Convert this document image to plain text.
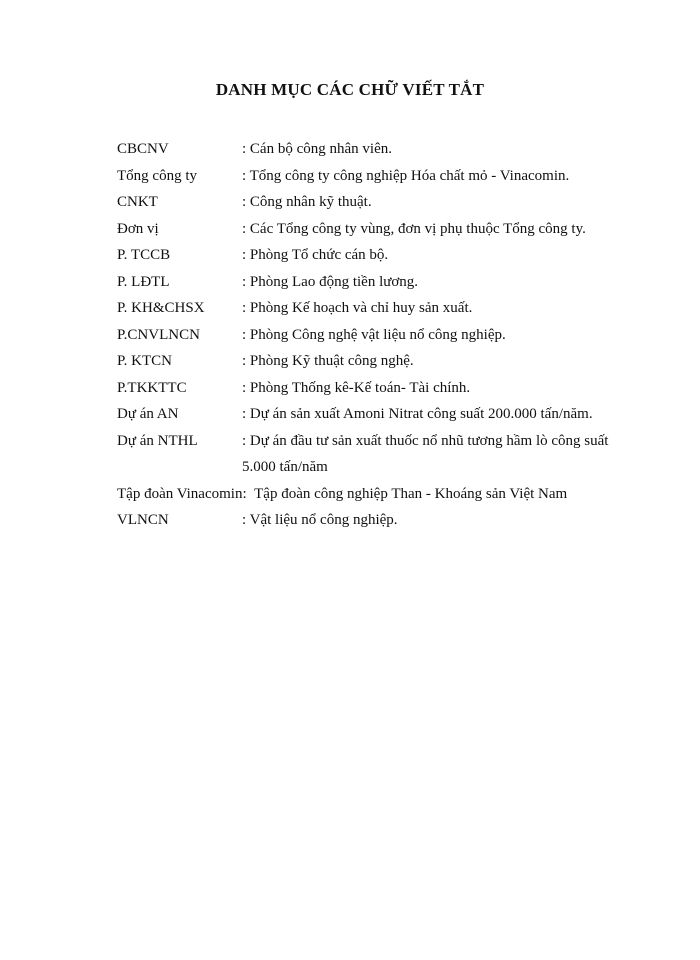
DANH MỤC CÁC CHỮ VIẾT TẮT
CBCNV	: Cán bộ công nhân viên.
Tổng công ty	: Tổng công ty công nghiệp Hóa chất mỏ - Vinacomin.
CNKT	: Công nhân kỹ thuật.
Đơn vị	: Các Tổng công ty vùng, đơn vị phụ thuộc Tổng công ty.
P. TCCB	: Phòng Tổ chức cán bộ.
P. LĐTL	: Phòng Lao động tiền lương.
P. KH&CHSX : Phòng Kế hoạch và chỉ huy sản xuất.
P.CNVLNCN	: Phòng Công nghệ vật liệu nổ công nghiệp.
P. KTCN	: Phòng Kỹ thuật công nghệ.
P.TKKTTC	: Phòng Thống kê-Kế toán- Tài chính.
Dự án AN	: Dự án sản xuất Amoni Nitrat công suất 200.000 tấn/năm.
Dự án NTHL	: Dự án đầu tư sản xuất thuốc nổ nhũ tương hầm lò công suất 5.000 tấn/năm
Tập đoàn Vinacomin:  Tập đoàn công nghiệp Than - Khoáng sản Việt Nam
VLNCN	: Vật liệu nổ công nghiệp.
